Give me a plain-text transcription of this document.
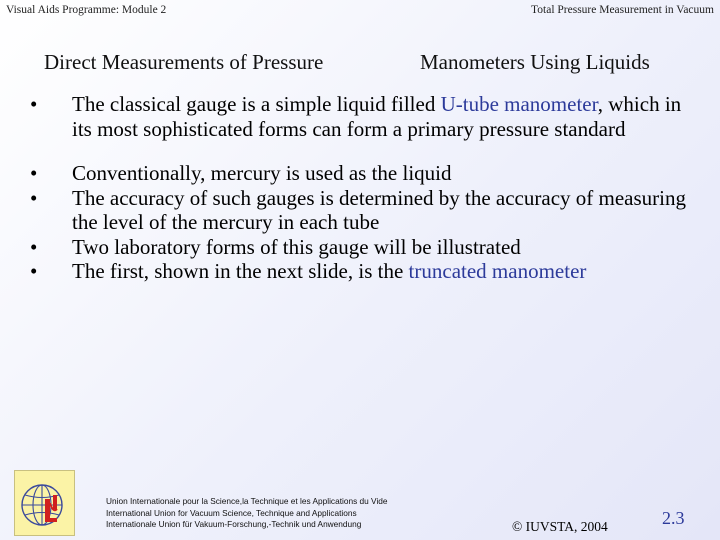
Visual Aids Programme: Module 2	Total Pressure Measurement in Vacuum
Direct Measurements of Pressure	Manometers Using Liquids
• The classical gauge is a simple liquid filled U-tube manometer, which in its most sophisticated forms can form a primary pressure standard
• Conventionally, mercury is used as the liquid
• The accuracy of such gauges is determined by the accuracy of measuring the level of the mercury in each tube
• Two laboratory forms of this gauge will be illustrated
• The first, shown in the next slide, is the truncated manometer
Union Internationale pour la Science,la Technique et les Applications du Vide
International Union for Vacuum Science, Technique and Applications
Internationale Union für Vakuum-Forschung,-Technik und Anwendung	© IUVSTA, 2004	2.3
